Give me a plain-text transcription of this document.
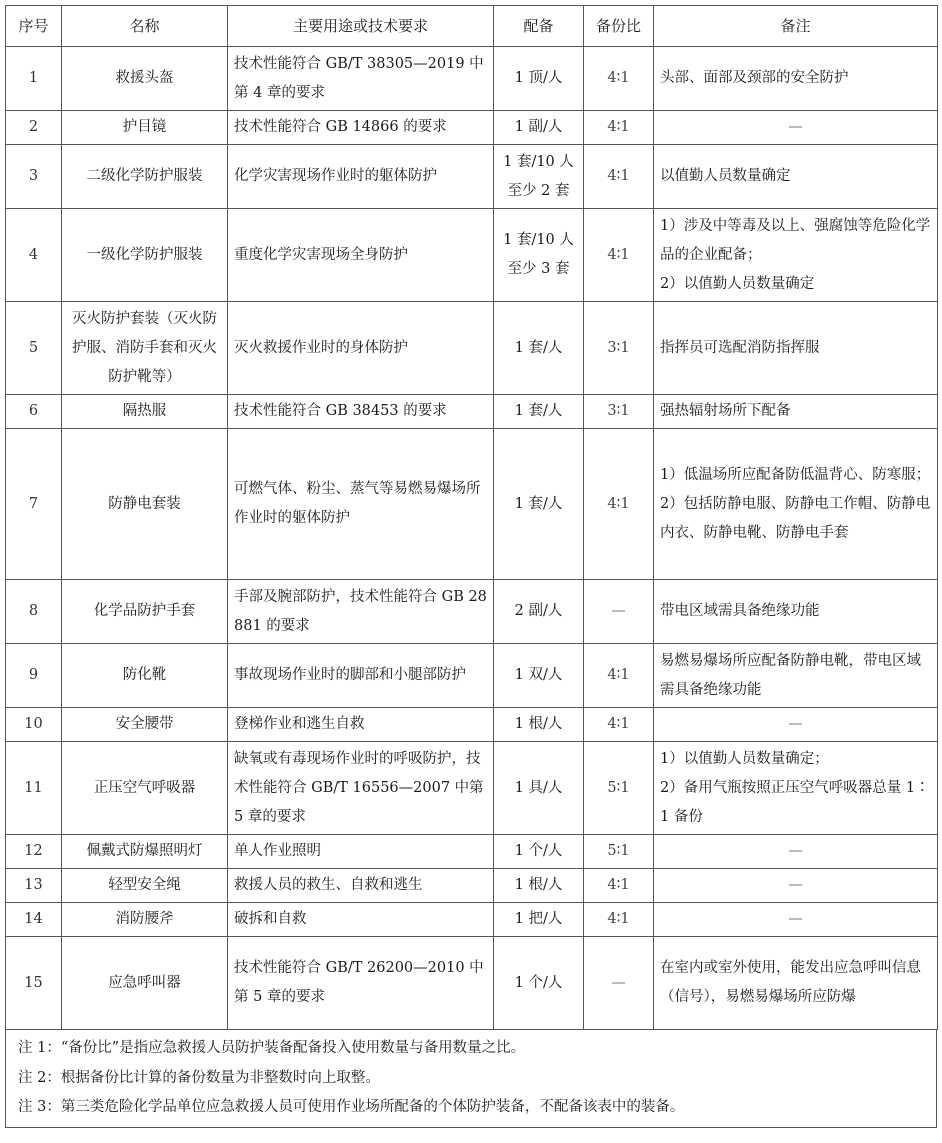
序号	名称	主要用途或技术要求	配备	备份比	备注
1	救援头盔	技术性能符合 GB/T 38305—2019 中第 4 章的要求	1 顶/人	4∶1	头部、面部及颈部的安全防护

2	护目镜	技术性能符合 GB 14866 的要求	1 副/人	4∶1	—
3	二级化学防护服装	化学灾害现场作业时的躯体防护	1 套/10 人至少 2 套	4∶1	以值勤人员数量确定

4	一级化学防护服装	重度化学灾害现场全身防护	1 套/10 人至少 3 套	4∶1	1）涉及中等毒及以上、强腐蚀等危险化学品的企业配备；
2）以值勤人员数量确定

5	灭火防护套装（灭火防护服、消防手套和灭火防护靴等）	灭火救援作业时的身体防护	1 套/人	3∶1	指挥员可选配消防指挥服

6	隔热服	技术性能符合 GB 38453 的要求	1 套/人	3∶1	强热辐射场所下配备

7	防静电套装	可燃气体、粉尘、蒸气等易燃易爆场所作业时的躯体防护	1 套/人	4∶1	1）低温场所应配备防低温背心、防寒服；
2）包括防静电服、防静电工作帽、防静电内衣、防静电靴、防静电手套

8	化学品防护手套	手部及腕部防护，技术性能符合 GB 28881 的要求	2 副/人	—	带电区域需具备绝缘功能

9	防化靴	事故现场作业时的脚部和小腿部防护	1 双/人	4∶1	易燃易爆场所应配备防静电靴，带电区域需具备绝缘功能

10	安全腰带	登梯作业和逃生自救	1 根/人	4∶1	—
11	正压空气呼吸器	缺氧或有毒现场作业时的呼吸防护，技术性能符合 GB/T 16556—2007 中第 5 章的要求	1 具/人	5∶1	1）以值勤人员数量确定；
2）备用气瓶按照正压空气呼吸器总量 1∶1 备份

12	佩戴式防爆照明灯	单人作业照明	1 个/人	5∶1	—
13	轻型安全绳	救援人员的救生、自救和逃生	1 根/人	4∶1	—
14	消防腰斧	破拆和自救	1 把/人	4∶1	—
15	应急呼叫器	技术性能符合 GB/T 26200—2010 中第 5 章的要求	1 个/人	—	在室内或室外使用，能发出应急呼叫信息（信号），易燃易爆场所应防爆
注 1：“备份比”是指应急救援人员防护装备配备投入使用数量与备用数量之比。
注 2：根据备份比计算的备份数量为非整数时向上取整。
注 3：第三类危险化学品单位应急救援人员可使用作业场所配备的个体防护装备，不配备该表中的装备。
